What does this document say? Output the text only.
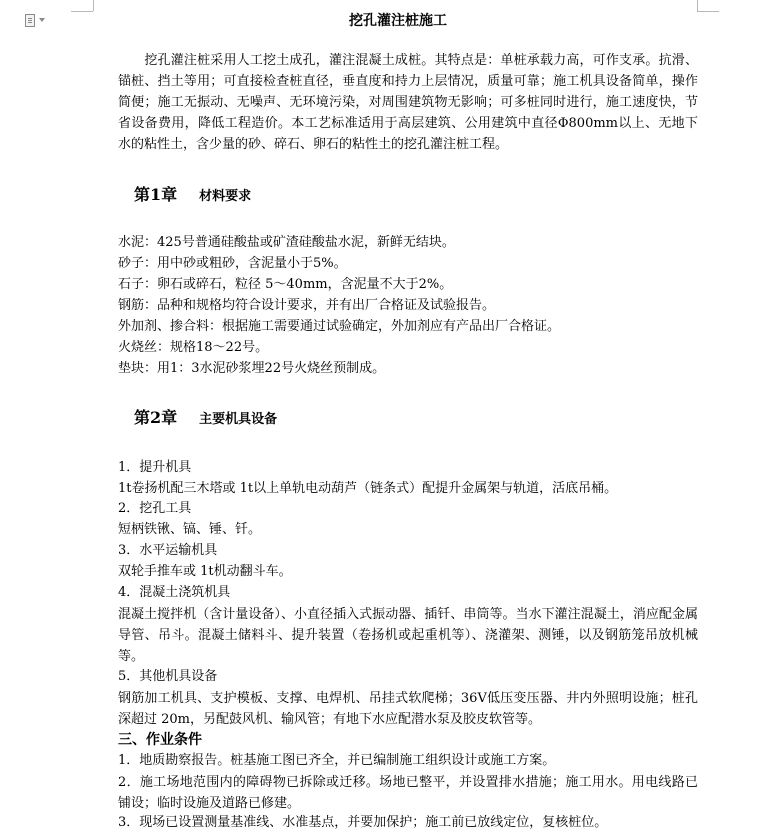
挖孔灌注桩施工
　　挖孔灌注桩采用人工挖土成孔，灌注混凝土成桩。其特点是：单桩承载力高，可作支承。抗滑、锚桩、挡土等用；可直接检查桩直径，垂直度和持力上层情况，质量可靠；施工机具设备简单，操作简便；施工无振动、无噪声、无环境污染，对周围建筑物无影响；可多桩同时进行，施工速度快，节省设备费用，降低工程造价。本工艺标准适用于高层建筑、公用建筑中直径Φ800mm以上、无地下水的粘性土，含少量的砂、碎石、卵石的粘性土的挖孔灌注桩工程。
第1章 材料要求
水泥：425号普通硅酸盐或矿渣硅酸盐水泥，新鲜无结块。
砂子：用中砂或粗砂，含泥量小于5%。
石子：卵石或碎石，粒径 5～40mm，含泥量不大于2%。
钢筋：品种和规格均符合设计要求，并有出厂合格证及试验报告。
外加剂、掺合料：根据施工需要通过试验确定，外加剂应有产品出厂合格证。
火烧丝：规格18～22号。
垫块：用1：3水泥砂浆埋22号火烧丝预制成。
第2章 主要机具设备
1．提升机具
1t卷扬机配三木塔或 1t以上单轨电动葫芦（链条式）配提升金属架与轨道，活底吊桶。
2．挖孔工具
短柄铁锹、镐、锤、钎。
3．水平运输机具
双轮手推车或 1t机动翻斗车。
4．混凝土浇筑机具
混凝土搅拌机（含计量设备）、小直径插入式振动器、插钎、串筒等。当水下灌注混凝土，消应配金属导管、吊斗。混凝土储料斗、提升装置（卷扬机或起重机等）、浇灌架、测锤，以及钢筋笼吊放机械等。
5．其他机具设备
钢筋加工机具、支护模板、支撑、电焊机、吊挂式软爬梯；36V低压变压器、井内外照明设施；桩孔深超过 20m，另配鼓风机、输风管；有地下水应配潜水泵及胶皮软管等。
三、作业条件
1．地质勘察报告。桩基施工图已齐全，并已编制施工组织设计或施工方案。
2．施工场地范围内的障碍物已拆除或迁移。场地已整平，并设置排水措施；施工用水。用电线路已铺设；临时设施及道路已修建。
3．现场已设置测量基准线、水准基点，并要加保护；施工前已放线定位，复核桩位。
